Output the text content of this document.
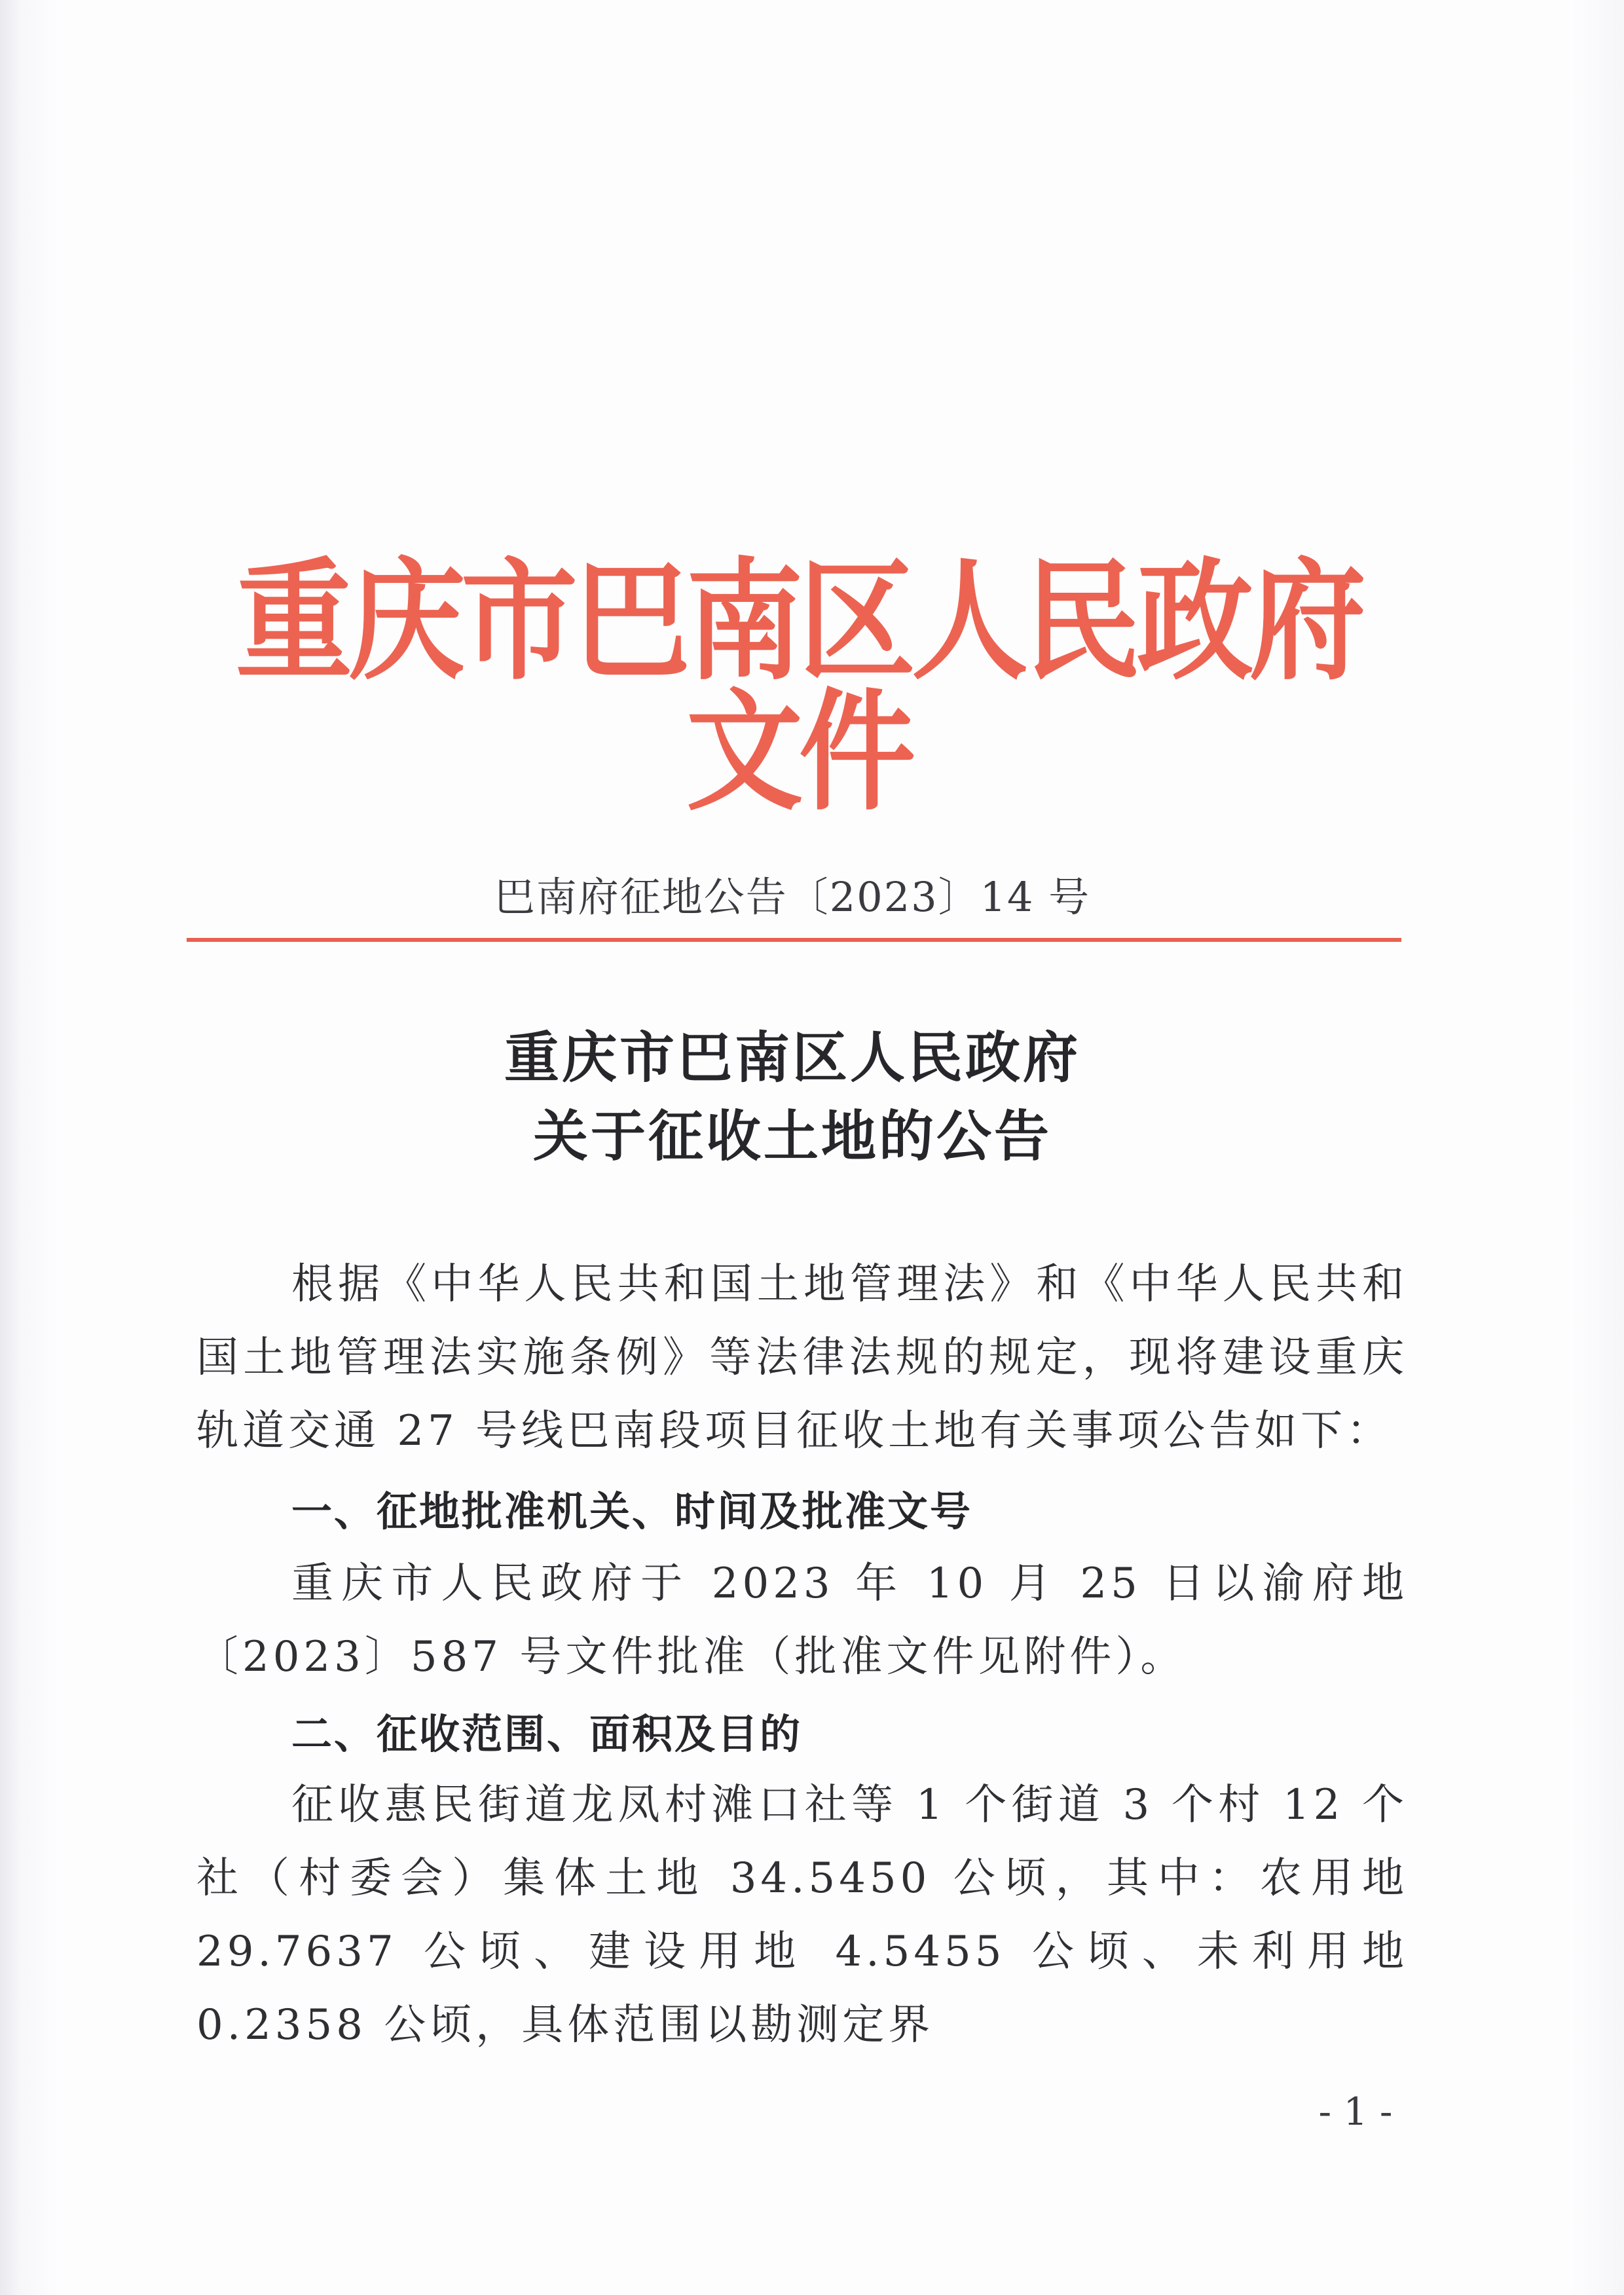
重庆市巴南区人民政府文件
巴南府征地公告〔2023〕14 号
重庆市巴南区人民政府
关于征收土地的公告
根据《中华人民共和国土地管理法》和《中华人民共和国土地管理法实施条例》等法律法规的规定，现将建设重庆轨道交通 27 号线巴南段项目征收土地有关事项公告如下：
一、征地批准机关、时间及批准文号
重庆市人民政府于 2023 年 10 月 25 日以渝府地〔2023〕587 号文件批准（批准文件见附件）。
二、征收范围、面积及目的
征收惠民街道龙凤村滩口社等 1 个街道 3 个村 12 个社（村委会）集体土地 34.5450 公顷，其中：农用地 29.7637 公顷、建设用地 4.5455 公顷、未利用地 0.2358 公顷，具体范围以勘测定界
- 1 -
